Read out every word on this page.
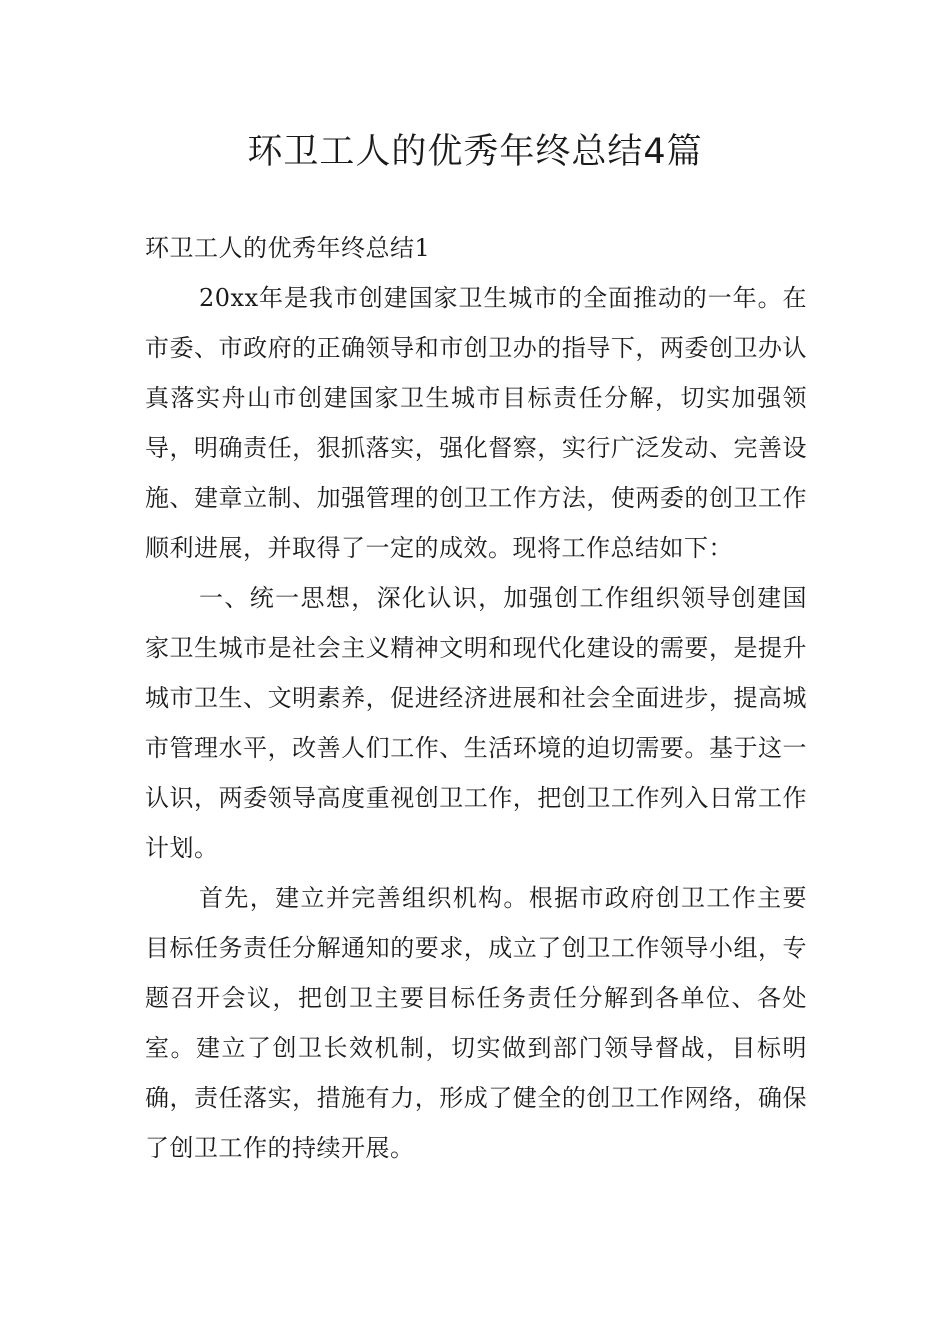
环卫工人的优秀年终总结4篇

环卫工人的优秀年终总结1

20xx年是我市创建国家卫生城市的全面推动的一年。在市委、市政府的正确领导和市创卫办的指导下，两委创卫办认真落实舟山市创建国家卫生城市目标责任分解，切实加强领导，明确责任，狠抓落实，强化督察，实行广泛发动、完善设施、建章立制、加强管理的创卫工作方法，使两委的创卫工作顺利进展，并取得了一定的成效。现将工作总结如下：

一、统一思想，深化认识，加强创工作组织领导创建国家卫生城市是社会主义精神文明和现代化建设的需要，是提升城市卫生、文明素养，促进经济进展和社会全面进步，提高城市管理水平，改善人们工作、生活环境的迫切需要。基于这一认识，两委领导高度重视创卫工作，把创卫工作列入日常工作计划。

首先，建立并完善组织机构。根据市政府创卫工作主要目标任务责任分解通知的要求，成立了创卫工作领导小组，专题召开会议，把创卫主要目标任务责任分解到各单位、各处室。建立了创卫长效机制，切实做到部门领导督战，目标明确，责任落实，措施有力，形成了健全的创卫工作网络，确保了创卫工作的持续开展。
